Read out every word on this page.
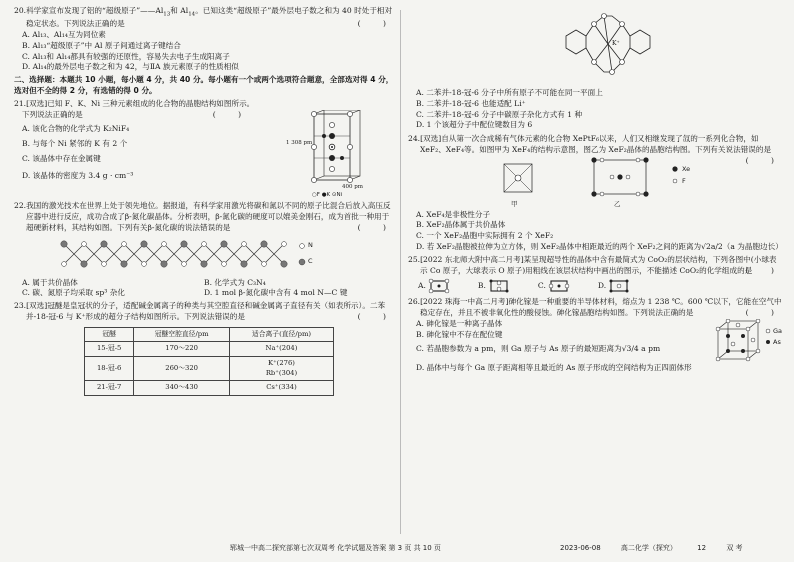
20.科学家宣布发现了铝的“超级原子$”——Al_{13}$和 $Al_{14}$。已知这类“超级原子”最外层电子数之和为 40 时处于相对稳定状态。下列说法正确的是	( )
A. Al₁₃、Al₁₄互为同位素
B. Al₁₃“超级原子”中 Al 原子间通过离子键结合
C. Al₁₃和 Al₁₄都具有较强的还原性，容易失去电子生成阳离子
D. Al₁₄的最外层电子数之和为 42，与ⅡA 族元素原子的性质相似
二、选择题：本题共 10 小题，每小题 4 分，共 40 分。每小题有一个或两个选项符合题意，全部选对得 4 分，选对但不全的得 2 分，有选错的得 0 分。
21.[双选]已知 F、K、Ni 三种元素组成的化合物的晶胞结构如图所示。
下列说法正确的是	( )
A. 该化合物的化学式为 K₂NiF₄
B. 与每个 Ni 紧邻的 K 有 2 个
C. 该晶体中存在金属键
D. 该晶体的密度为 3.4 g · cm⁻³
1 308 pm
400 pm
○F ●K ⊙Ni
22.我国的激光技术在世界上处于领先地位。据报道，有科学家用激光将碳和氮以不同的原子比混合后放入高压反应器中进行反应，成功合成了β-氮化碳晶体。分析表明，β-氮化碳的硬度可以媲美金刚石，成为首批一种用于超硬新材料，其结构如图。下列有关β-氮化碳的说法错误的是	( )
N
C
A. 属于共价晶体	B. 化学式为 C₃N₄
C. 碳、氮原子均采取 sp³ 杂化	D. 1 mol β-氮化碳中含有 4 mol N—C 键
23.[双选]冠醚是皇冠状的分子，适配碱金属离子的种类与其空腔直径和碱金属离子直径有关（如表所示）。二苯并-18-冠-6 与 K⁺形成的超分子结构如图所示。下列说法错误的是	( )
冠醚	冠醚空腔直径/pm	适合离子(直径/pm)
15-冠-5	170～220	Na⁺(204)
18-冠-6	260～320	K⁺(276)
Rb⁺(304)
21-冠-7	340～430	Cs⁺(334)
K⁺
A. 二苯并-18-冠-6 分子中所有原子不可能在同一平面上
B. 二苯并-18-冠-6 也能适配 Li⁺
C. 二苯并-18-冠-6 分子中碳原子杂化方式有 1 种
D. 1 个该超分子中配位键数目为 6
24.[双选]自从第一次合成稀有气体元素的化合物 XePtF₆以来，人们又相继发现了氙的一系列化合物，如 XeF₂、XeF₄等。如图甲为 XeF₄的结构示意图，图乙为 XeF₂晶体的晶胞结构图。下列有关说法错误的是
( )
甲	乙
Xe
F
A. XeF₄是非极性分子
B. XeF₂晶体属于共价晶体
C. 一个 XeF₂晶胞中实际拥有 2 个 XeF₂
D. 若 XeF₂晶胞被拉伸为立方体，则 XeF₂晶体中相距最近的两个 XeF₂之间的距离为√2a/2（a 为晶胞边长）
25.[2022 东北师大附中高二月考]某呈现超导性的晶体中含有最简式为 CoO₂的层状结构，下列各图中(小球表示 Co 原子，大球表示 O 原子)用粗线在该层状结构中画出的图示，不能描述 CoO₂的化学组成的是
( )
A.	B.	C.	D.
26.[2022 珠海一中高二月考]砷化镓是一种重要的半导体材料，熔点为 1 238 ℃。600 ℃以下，它能在空气中稳定存在，并且不被非氧化性的酸侵蚀。砷化镓晶胞结构如图。下列说法正确的是	( )
A. 砷化镓是一种离子晶体
B. 砷化镓中不存在配位键
C. 若晶胞参数为 a pm，则 Ga 原子与 As 原子的最短距离为√3/4 a pm
Ga
As
D. 晶体中与每个 Ga 原子距离相等且最近的 As 原子形成的空间结构为正四面体形
郓城一中高二探究部第七次双周考 化学试题及答案 第 3 页 共 10 页	2023-06-08	高二化学（探究）	12	双 考
